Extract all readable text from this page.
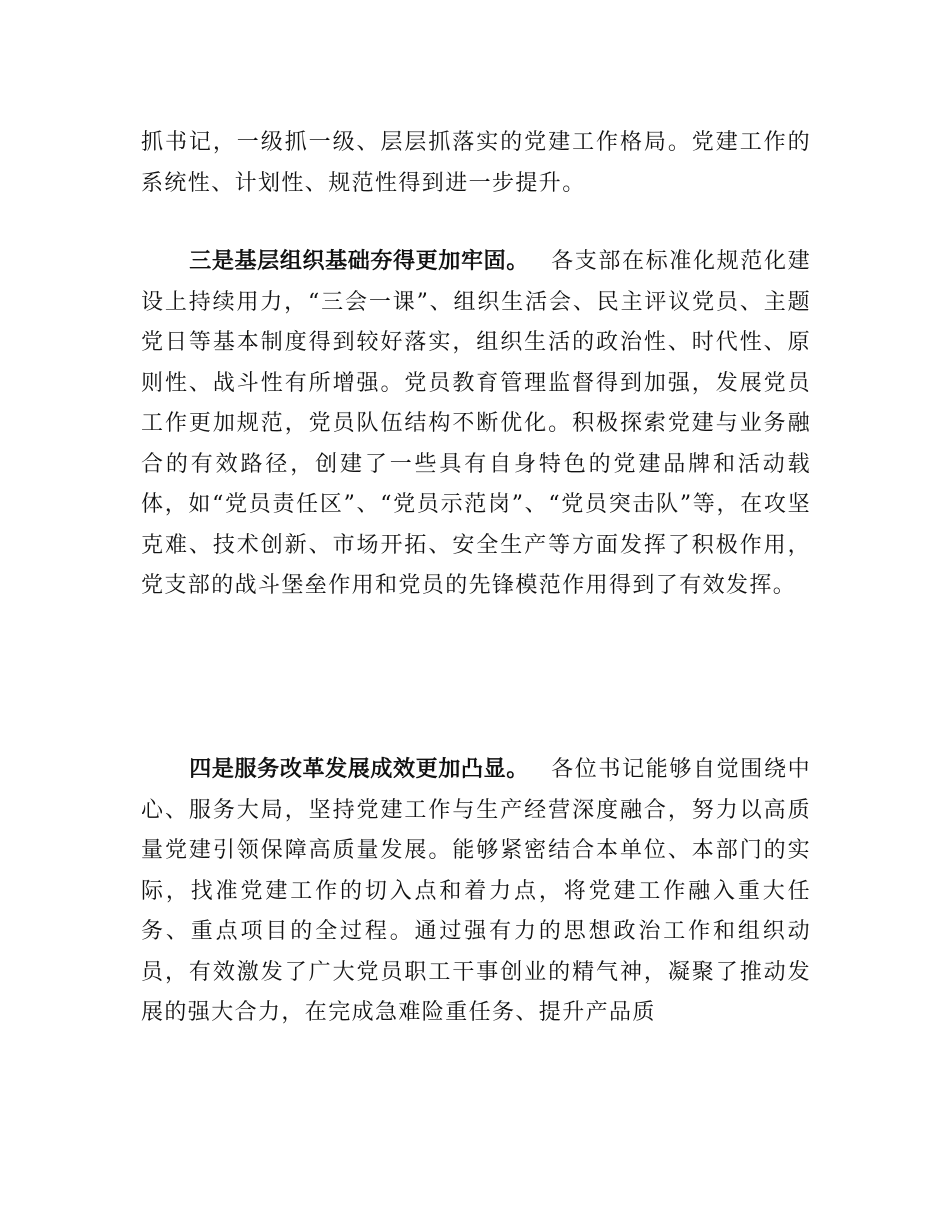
抓书记，一级抓一级、层层抓落实的党建工作格局。党建工作的系统性、计划性、规范性得到进一步提升。

三是基层组织基础夯得更加牢固。 各支部在标准化规范化建设上持续用力，“三会一课”、组织生活会、民主评议党员、主题党日等基本制度得到较好落实，组织生活的政治性、时代性、原则性、战斗性有所增强。党员教育管理监督得到加强，发展党员工作更加规范，党员队伍结构不断优化。积极探索党建与业务融合的有效路径，创建了一些具有自身特色的党建品牌和活动载体，如“党员责任区”、“党员示范岗”、“党员突击队”等，在攻坚克难、技术创新、市场开拓、安全生产等方面发挥了积极作用，党支部的战斗堡垒作用和党员的先锋模范作用得到了有效发挥。

四是服务改革发展成效更加凸显。 各位书记能够自觉围绕中心、服务大局，坚持党建工作与生产经营深度融合，努力以高质量党建引领保障高质量发展。能够紧密结合本单位、本部门的实际，找准党建工作的切入点和着力点，将党建工作融入重大任务、重点项目的全过程。通过强有力的思想政治工作和组织动员，有效激发了广大党员职工干事创业的精气神，凝聚了推动发展的强大合力，在完成急难险重任务、提升产品质
